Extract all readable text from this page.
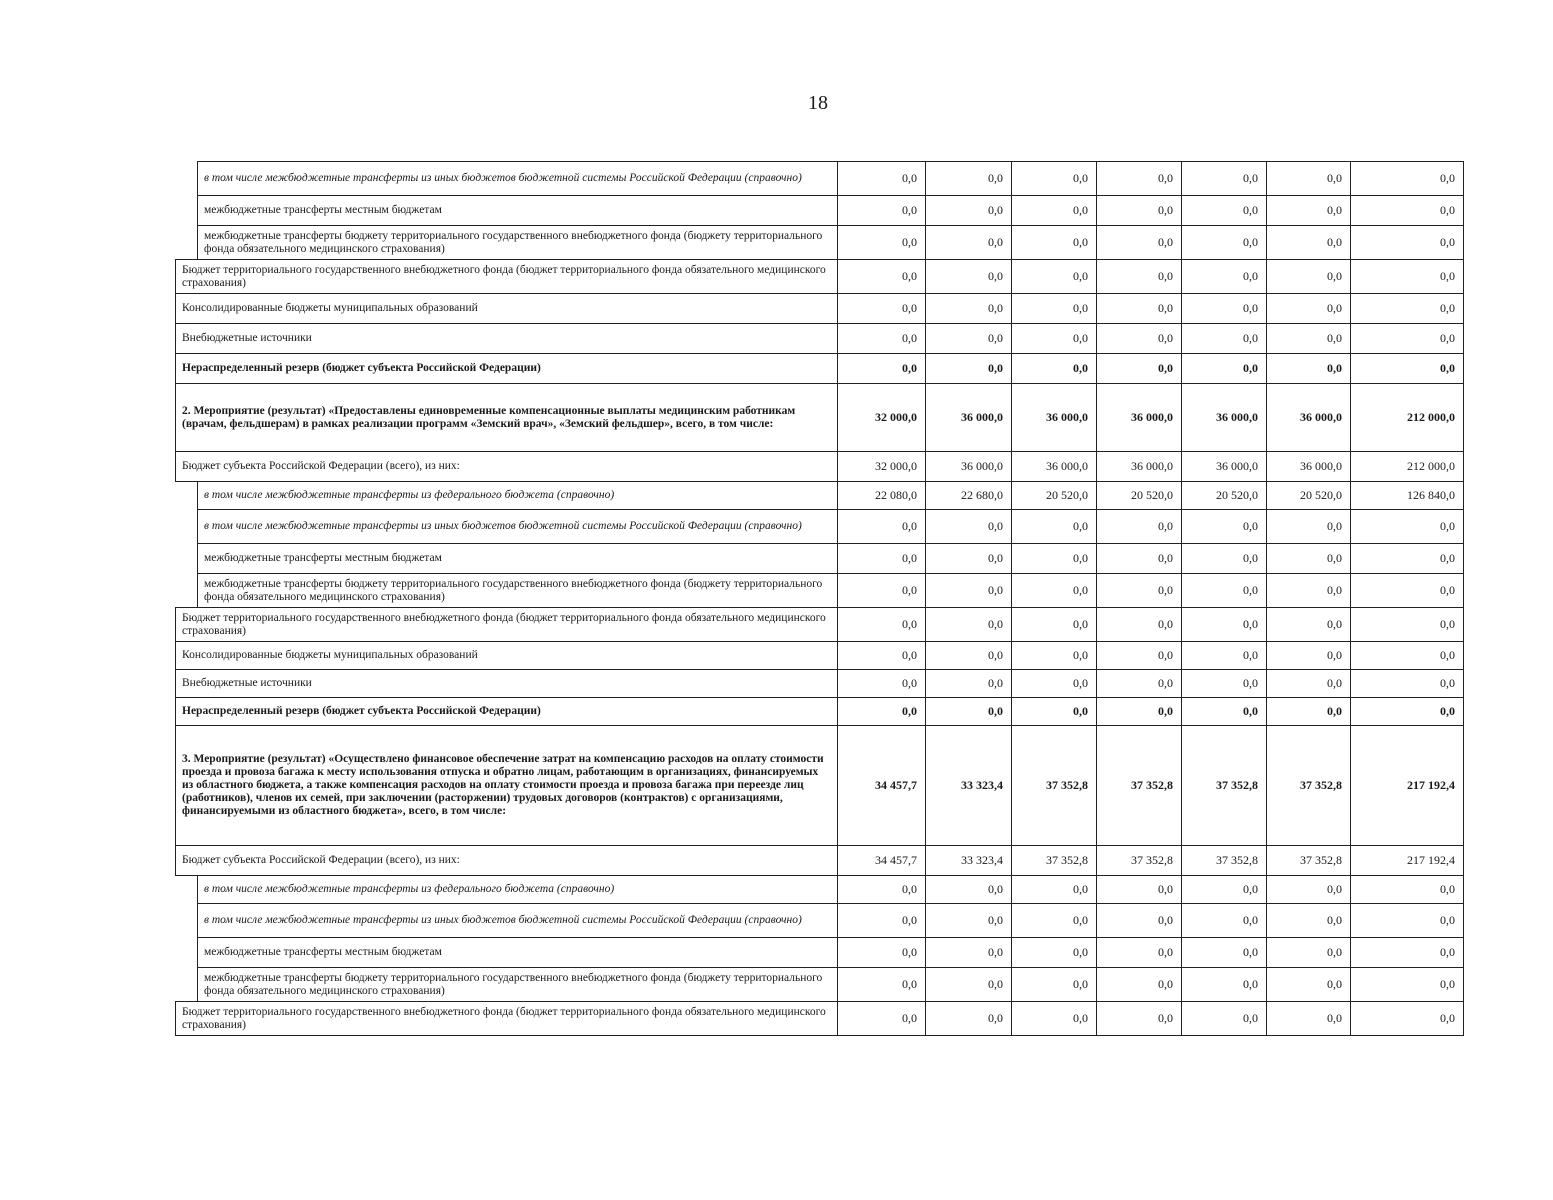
18
	в том числе межбюджетные трансферты из иных бюджетов бюджетной системы Российской Федерации (справочно)	0,0	0,0	0,0	0,0	0,0	0,0	0,0
	межбюджетные трансферты местным бюджетам	0,0	0,0	0,0	0,0	0,0	0,0	0,0
	межбюджетные трансферты бюджету территориального государственного внебюджетного фонда (бюджету территориального фонда обязательного медицинского страхования)	0,0	0,0	0,0	0,0	0,0	0,0	0,0
Бюджет территориального государственного внебюджетного фонда (бюджет территориального фонда обязательного медицинского страхования)		0,0	0,0	0,0	0,0	0,0	0,0	0,0
Консолидированные бюджеты муниципальных образований		0,0	0,0	0,0	0,0	0,0	0,0	0,0
Внебюджетные источники		0,0	0,0	0,0	0,0	0,0	0,0	0,0
Нераспределенный резерв (бюджет субъекта Российской Федерации)		0,0	0,0	0,0	0,0	0,0	0,0	0,0
2. Мероприятие (результат) «Предоставлены единовременные компенсационные выплаты медицинским работникам (врачам, фельдшерам) в рамках реализации программ «Земский врач», «Земский фельдшер», всего, в том числе:		32 000,0	36 000,0	36 000,0	36 000,0	36 000,0	36 000,0	212 000,0
Бюджет субъекта Российской Федерации (всего), из них:		32 000,0	36 000,0	36 000,0	36 000,0	36 000,0	36 000,0	212 000,0
	в том числе межбюджетные трансферты из федерального бюджета (справочно)	22 080,0	22 680,0	20 520,0	20 520,0	20 520,0	20 520,0	126 840,0
	в том числе межбюджетные трансферты из иных бюджетов бюджетной системы Российской Федерации (справочно)	0,0	0,0	0,0	0,0	0,0	0,0	0,0
	межбюджетные трансферты местным бюджетам	0,0	0,0	0,0	0,0	0,0	0,0	0,0
	межбюджетные трансферты бюджету территориального государственного внебюджетного фонда (бюджету территориального фонда обязательного медицинского страхования)	0,0	0,0	0,0	0,0	0,0	0,0	0,0
Бюджет территориального государственного внебюджетного фонда (бюджет территориального фонда обязательного медицинского страхования)		0,0	0,0	0,0	0,0	0,0	0,0	0,0
Консолидированные бюджеты муниципальных образований		0,0	0,0	0,0	0,0	0,0	0,0	0,0
Внебюджетные источники		0,0	0,0	0,0	0,0	0,0	0,0	0,0
Нераспределенный резерв (бюджет субъекта Российской Федерации)		0,0	0,0	0,0	0,0	0,0	0,0	0,0
3. Мероприятие (результат) «Осуществлено финансовое обеспечение затрат на компенсацию расходов на оплату стоимости проезда и провоза багажа к месту использования отпуска и обратно лицам, работающим в организациях, финансируемых из областного бюджета, а также компенсация расходов на оплату стоимости проезда и провоза багажа при переезде лиц (работников), членов их семей, при заключении (расторжении) трудовых договоров (контрактов) с организациями, финансируемыми из областного бюджета», всего, в том числе:		34 457,7	33 323,4	37 352,8	37 352,8	37 352,8	37 352,8	217 192,4
Бюджет субъекта Российской Федерации (всего), из них:		34 457,7	33 323,4	37 352,8	37 352,8	37 352,8	37 352,8	217 192,4
	в том числе межбюджетные трансферты из федерального бюджета (справочно)	0,0	0,0	0,0	0,0	0,0	0,0	0,0
	в том числе межбюджетные трансферты из иных бюджетов бюджетной системы Российской Федерации (справочно)	0,0	0,0	0,0	0,0	0,0	0,0	0,0
	межбюджетные трансферты местным бюджетам	0,0	0,0	0,0	0,0	0,0	0,0	0,0
	межбюджетные трансферты бюджету территориального государственного внебюджетного фонда (бюджету территориального фонда обязательного медицинского страхования)	0,0	0,0	0,0	0,0	0,0	0,0	0,0
Бюджет территориального государственного внебюджетного фонда (бюджет территориального фонда обязательного медицинского страхования)		0,0	0,0	0,0	0,0	0,0	0,0	0,0
